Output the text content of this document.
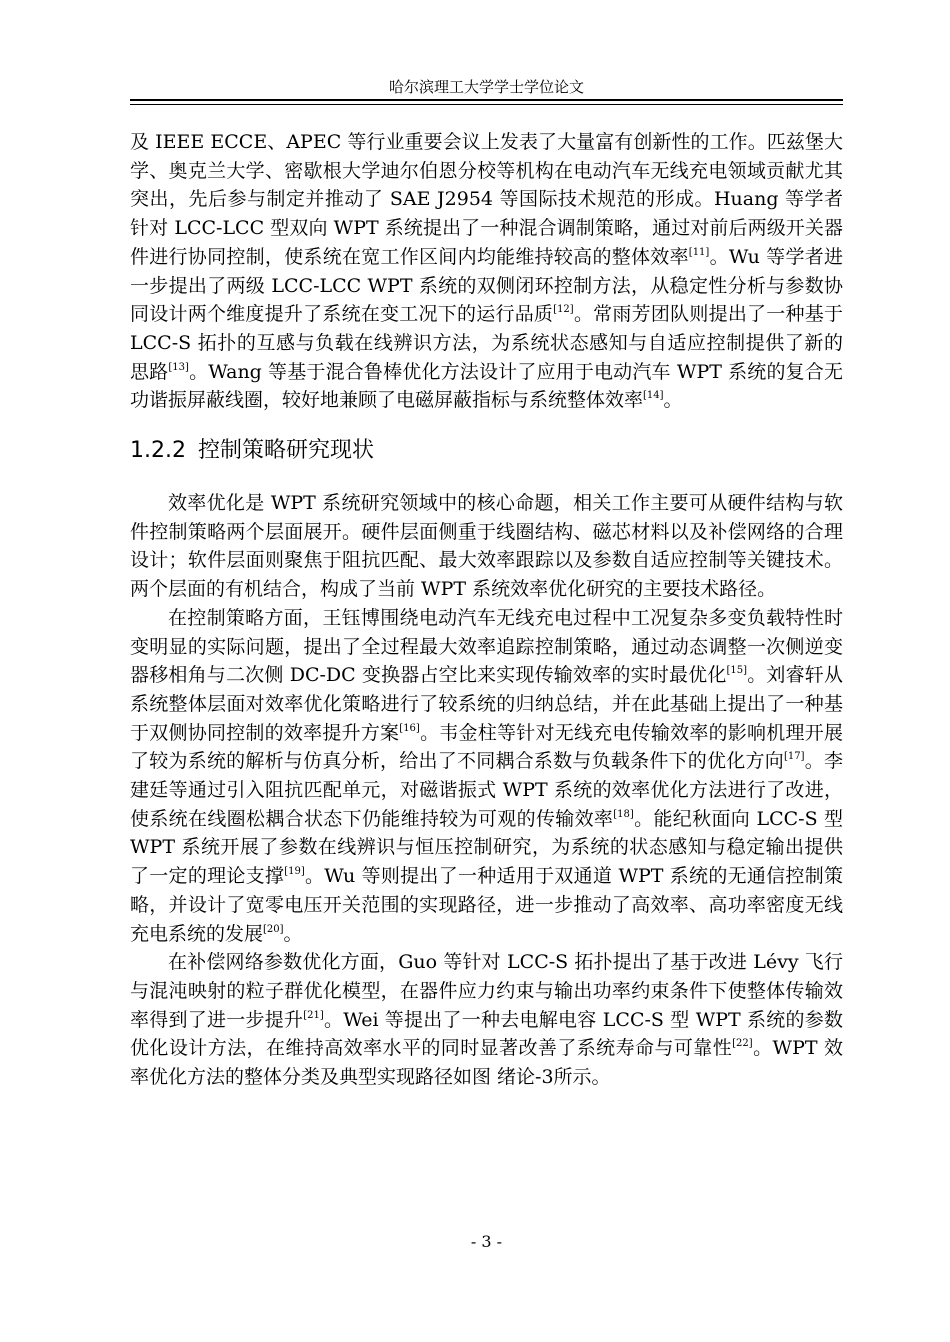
哈尔滨理工大学学士学位论文

及 IEEE ECCE、APEC 等行业重要会议上发表了大量富有创新性的工作。匹兹堡大学、奥克兰大学、密歇根大学迪尔伯恩分校等机构在电动汽车无线充电领域贡献尤其突出，先后参与制定并推动了 SAE J2954 等国际技术规范的形成。Huang 等学者针对 LCC-LCC 型双向 WPT 系统提出了一种混合调制策略，通过对前后两级开关器件进行协同控制，使系统在宽工作区间内均能维持较高的整体效率[11]。Wu 等学者进一步提出了两级 LCC-LCC WPT 系统的双侧闭环控制方法，从稳定性分析与参数协同设计两个维度提升了系统在变工况下的运行品质[12]。常雨芳团队则提出了一种基于 LCC-S 拓扑的互感与负载在线辨识方法，为系统状态感知与自适应控制提供了新的思路[13]。Wang 等基于混合鲁棒优化方法设计了应用于电动汽车 WPT 系统的复合无功谐振屏蔽线圈，较好地兼顾了电磁屏蔽指标与系统整体效率[14]。

1.2.2 控制策略研究现状

效率优化是 WPT 系统研究领域中的核心命题，相关工作主要可从硬件结构与软件控制策略两个层面展开。硬件层面侧重于线圈结构、磁芯材料以及补偿网络的合理设计；软件层面则聚焦于阻抗匹配、最大效率跟踪以及参数自适应控制等关键技术。两个层面的有机结合，构成了当前 WPT 系统效率优化研究的主要技术路径。

在控制策略方面，王钰博围绕电动汽车无线充电过程中工况复杂多变负载特性时变明显的实际问题，提出了全过程最大效率追踪控制策略，通过动态调整一次侧逆变器移相角与二次侧 DC-DC 变换器占空比来实现传输效率的实时最优化[15]。刘睿轩从系统整体层面对效率优化策略进行了较系统的归纳总结，并在此基础上提出了一种基于双侧协同控制的效率提升方案[16]。韦金柱等针对无线充电传输效率的影响机理开展了较为系统的解析与仿真分析，给出了不同耦合系数与负载条件下的优化方向[17]。李建廷等通过引入阻抗匹配单元，对磁谐振式 WPT 系统的效率优化方法进行了改进，使系统在线圈松耦合状态下仍能维持较为可观的传输效率[18]。能纪秋面向 LCC-S 型 WPT 系统开展了参数在线辨识与恒压控制研究，为系统的状态感知与稳定输出提供了一定的理论支撑[19]。Wu 等则提出了一种适用于双通道 WPT 系统的无通信控制策略，并设计了宽零电压开关范围的实现路径，进一步推动了高效率、高功率密度无线充电系统的发展[20]。

在补偿网络参数优化方面，Guo 等针对 LCC-S 拓扑提出了基于改进 Lévy 飞行与混沌映射的粒子群优化模型，在器件应力约束与输出功率约束条件下使整体传输效率得到了进一步提升[21]。Wei 等提出了一种去电解电容 LCC-S 型 WPT 系统的参数优化设计方法，在维持高效率水平的同时显著改善了系统寿命与可靠性[22]。WPT 效率优化方法的整体分类及典型实现路径如图 绪论-3所示。

- 3 -
